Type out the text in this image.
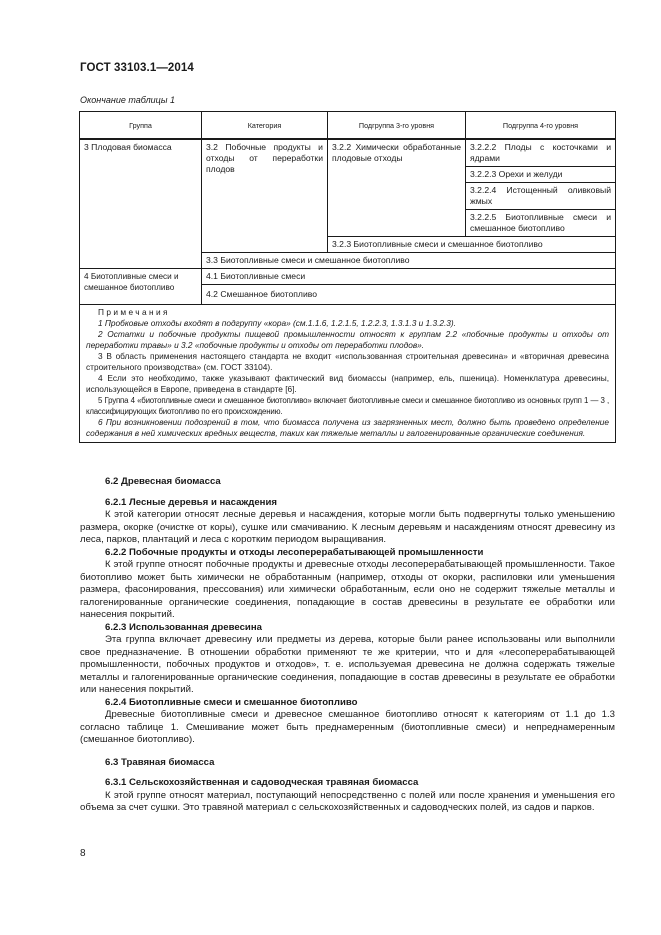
ГОСТ 33103.1—2014
Окончание таблицы 1
Группа	Категория	Подгруппа 3-го уровня	Подгруппа 4-го уровня
3 Плодовая биомасса	3.2 Побочные продукты и отходы от переработки плодов	3.2.2 Химически обработанные плодовые отходы	3.2.2.2 Плоды с косточками и ядрами
			3.2.2.3 Орехи и желуди
			3.2.2.4 Истощенный оливковый жмых
			3.2.2.5 Биотопливные смеси и смешанное биотопливо
		3.2.3 Биотопливные смеси и смешанное биотопливо	
	3.3 Биотопливные смеси и смешанное биотопливо		
4 Биотопливные смеси и смешанное биотопливо	4.1 Биотопливные смеси		
	4.2 Смешанное биотопливо		

Примечания
1 Пробковые отходы входят в подгруппу «кора» (см.1.1.6, 1.2.1.5, 1.2.2.3, 1.3.1.3 и 1.3.2.3).
2 Остатки и побочные продукты пищевой промышленности относят к группам 2.2 «побочные продукты и отходы от переработки травы» и 3.2 «побочные продукты и отходы от переработки плодов».
3 В область применения настоящего стандарта не входит «использованная строительная древесина» и «вторичная древесина строительного производства» (см. ГОСТ 33104).
4 Если это необходимо, также указывают фактический вид биомассы (например, ель, пшеница). Номенклатура древесины, использующейся в Европе, приведена в стандарте [6].
5 Группа 4 «биотопливные смеси и смешанное биотопливо» включает биотопливные смеси и смешанное биотопливо из основных групп 1 — 3 , классифицирующих биотопливо по его происхождению.
6 При возникновении подозрений в том, что биомасса получена из загрязненных мест, должно быть проведено определение содержания в ней химических вредных веществ, таких как тяжелые металлы и галогенированные органические соединения.
6.2 Древесная биомасса
6.2.1 Лесные деревья и насаждения

К этой категории относят лесные деревья и насаждения, которые могли быть подвергнуты только уменьшению размера, окорке (очистке от коры), сушке или смачиванию. К лесным деревьям и насаждениям относят древесину из леса, парков, плантаций и леса с коротким периодом выращивания.

6.2.2 Побочные продукты и отходы лесоперерабатывающей промышленности

К этой группе относят побочные продукты и древесные отходы лесоперерабатывающей промышленности. Такое биотопливо может быть химически не обработанным (например, отходы от окорки, распиловки или уменьшения размера, фасонирования, прессования) или химически обработанным, если оно не содержит тяжелые металлы и галогенированные органические соединения, попадающие в состав древесины в результате ее обработки или нанесения покрытий.

6.2.3 Использованная древесина

Эта группа включает древесину или предметы из дерева, которые были ранее использованы или выполнили свое предназначение. В отношении обработки применяют те же критерии, что и для «лесоперерабатывающей промышленности, побочных продуктов и отходов», т. е. используемая древесина не должна содержать тяжелые металлы и галогенированные органические соединения, попадающие в состав древесины в результате ее обработки или нанесения покрытий.

6.2.4 Биотопливные смеси и смешанное биотопливо

Древесные биотопливные смеси и древесное смешанное биотопливо относят к категориям от 1.1 до 1.3 согласно таблице 1. Смешивание может быть преднамеренным (биотопливные смеси) и непреднамеренным (смешанное биотопливо).

6.3 Травяная биомасса
6.3.1 Сельскохозяйственная и садоводческая травяная биомасса

К этой группе относят материал, поступающий непосредственно с полей или после хранения и уменьшения его объема за счет сушки. Это травяной материал с сельскохозяйственных и садоводческих полей, из садов и парков.

8
